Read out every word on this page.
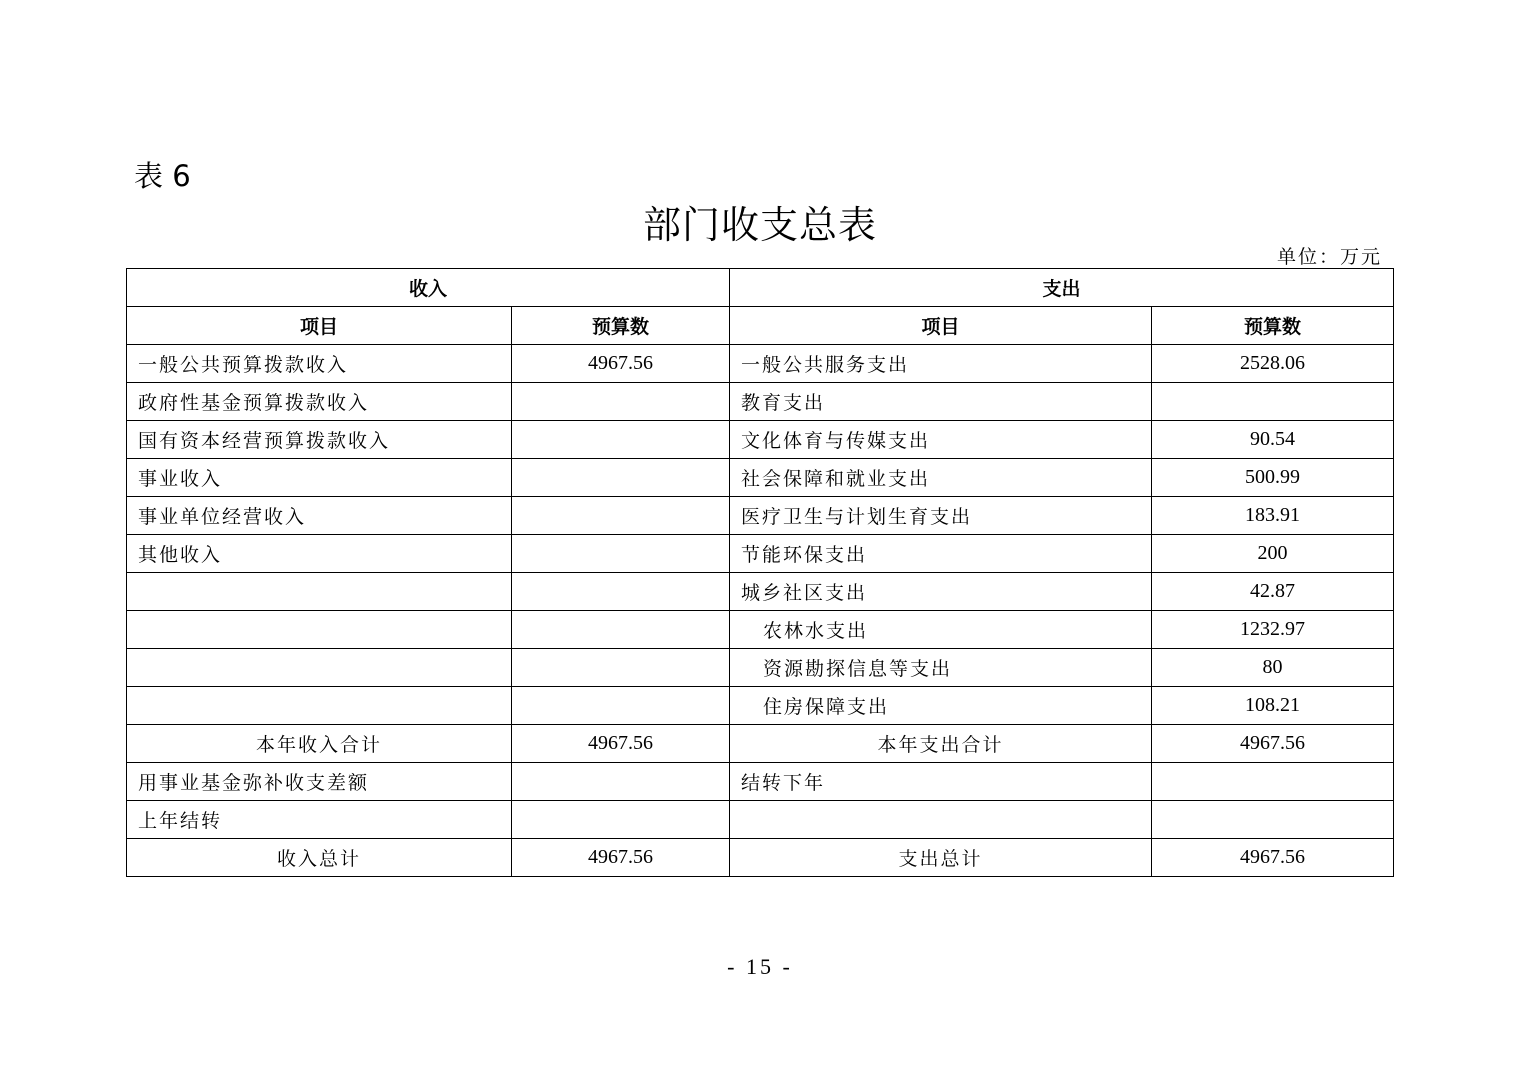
表 6
部门收支总表
单位：万元
收入		支出	
项目	预算数	项目	预算数
一般公共预算拨款收入	4967.56	一般公共服务支出	2528.06
政府性基金预算拨款收入		教育支出	
国有资本经营预算拨款收入		文化体育与传媒支出	90.54
事业收入		社会保障和就业支出	500.99
事业单位经营收入		医疗卫生与计划生育支出	183.91
其他收入		节能环保支出	200
		城乡社区支出	42.87
		农林水支出	1232.97
		资源勘探信息等支出	80
		住房保障支出	108.21
本年收入合计	4967.56	本年支出合计	4967.56
用事业基金弥补收支差额		结转下年	
上年结转			
收入总计	4967.56	支出总计	4967.56
- 15 -
